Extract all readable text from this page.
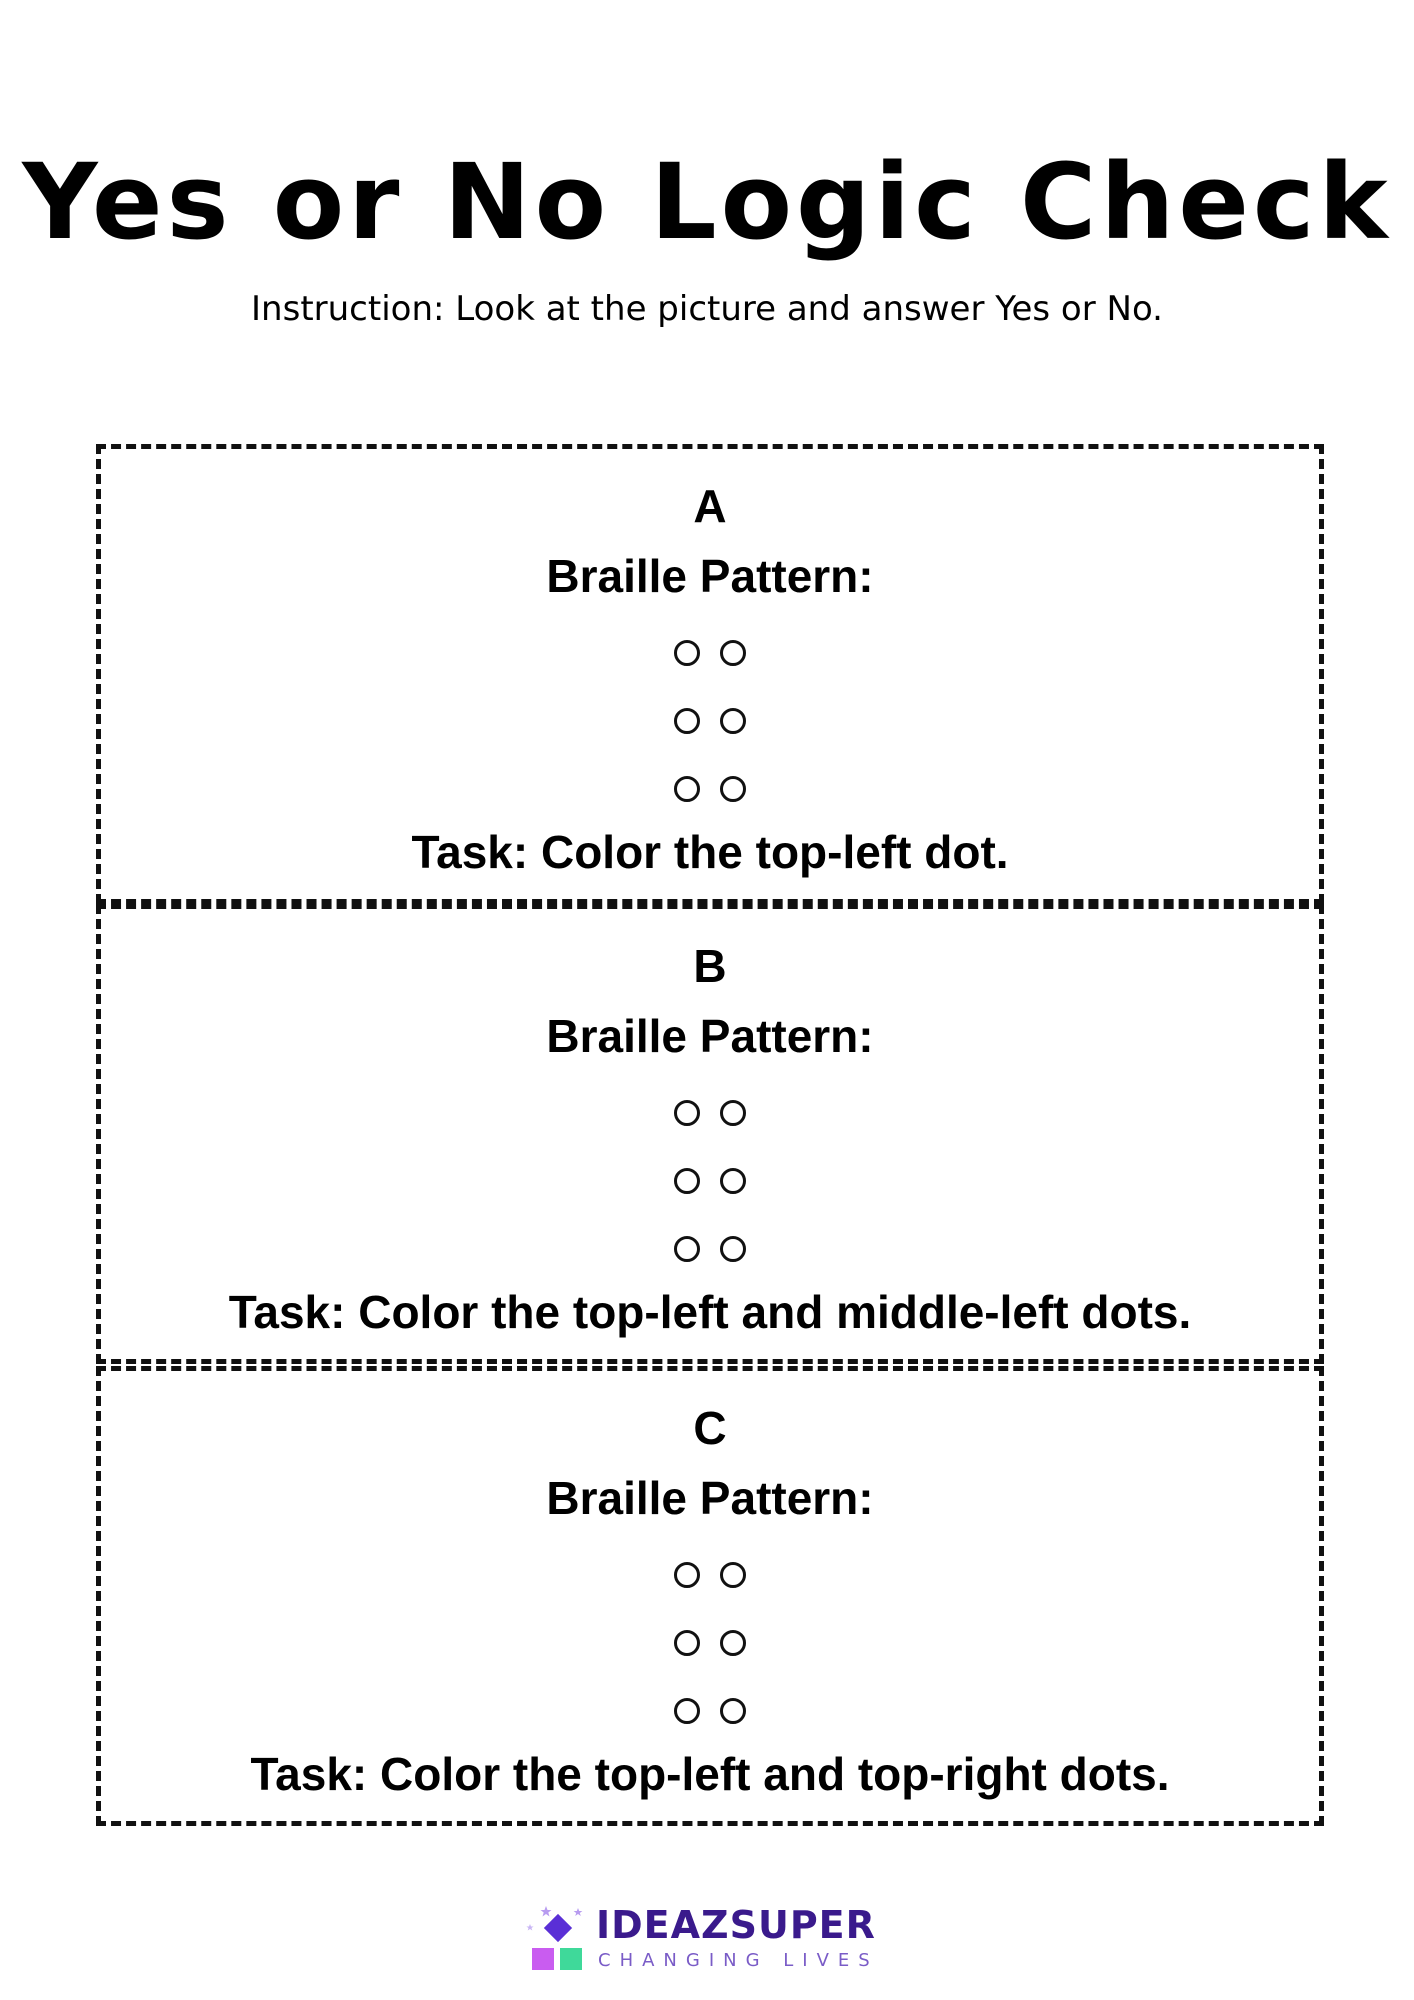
Yes or No Logic Check

Instruction: Look at the picture and answer Yes or No.

A
Braille Pattern:
Task: Color the top-left dot.
B
Braille Pattern:
Task: Color the top-left and middle-left dots.
C
Braille Pattern:
Task: Color the top-left and top-right dots.
IDEAZSUPER
CHANGING LIVES
